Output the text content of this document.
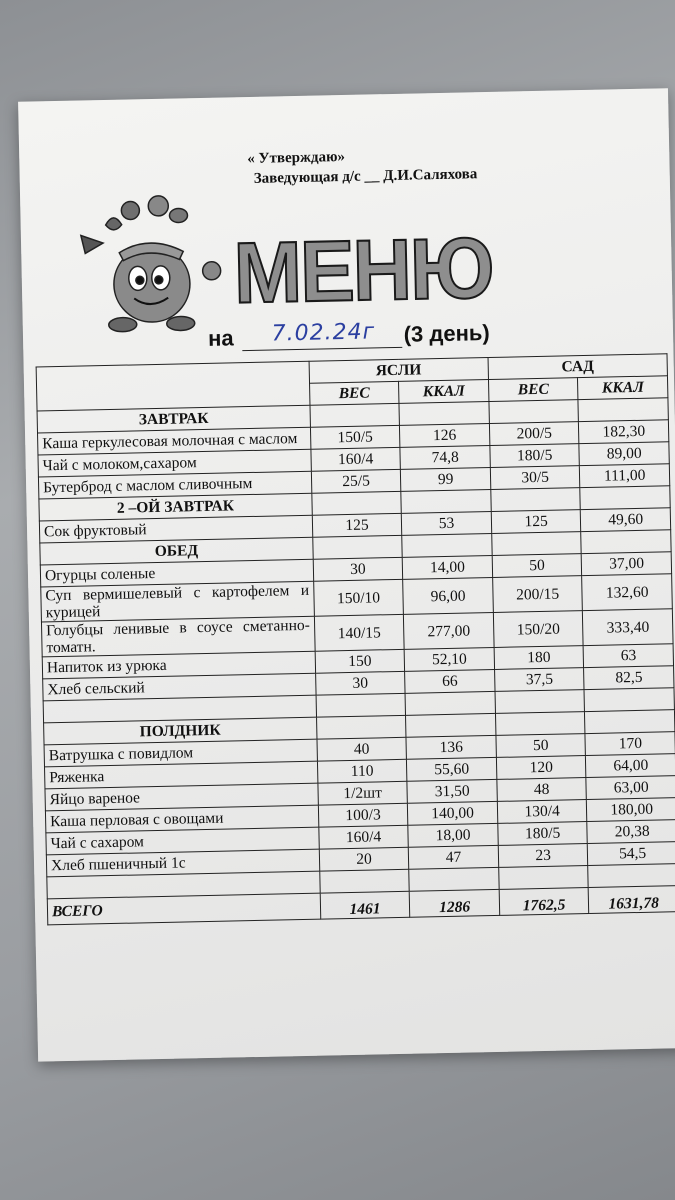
« Утверждаю»
Заведующая д/с __ Д.И.Саляхова
МЕНЮ
на 7.02.24г (3 день)
	ЯСЛИ		САД	
	ВЕС	ККАЛ	ВЕС	ККАЛ
ЗАВТРАК				
Каша геркулесовая молочная с маслом	150/5	126	200/5	182,30
Чай с молоком,сахаром	160/4	74,8	180/5	89,00
Бутерброд с маслом сливочным	25/5	99	30/5	111,00
2 –ОЙ ЗАВТРАК				
Сок фруктовый	125	53	125	49,60
ОБЕД				
Огурцы соленые	30	14,00	50	37,00
Суп вермишелевый с картофелем и курицей	150/10	96,00	200/15	132,60
Голубцы ленивые в соусе сметанно-томатн.	140/15	277,00	150/20	333,40
Напиток из урюка	150	52,10	180	63
Хлеб сельский	30	66	37,5	82,5

ПОЛДНИК				
Ватрушка с повидлом	40	136	50	170
Ряженка	110	55,60	120	64,00
Яйцо вареное	1/2шт	31,50	48	63,00
Каша перловая с овощами	100/3	140,00	130/4	180,00
Чай с сахаром	160/4	18,00	180/5	20,38
Хлеб пшеничный 1с	20	47	23	54,5

ВСЕГО	1461	1286	1762,5	1631,78
